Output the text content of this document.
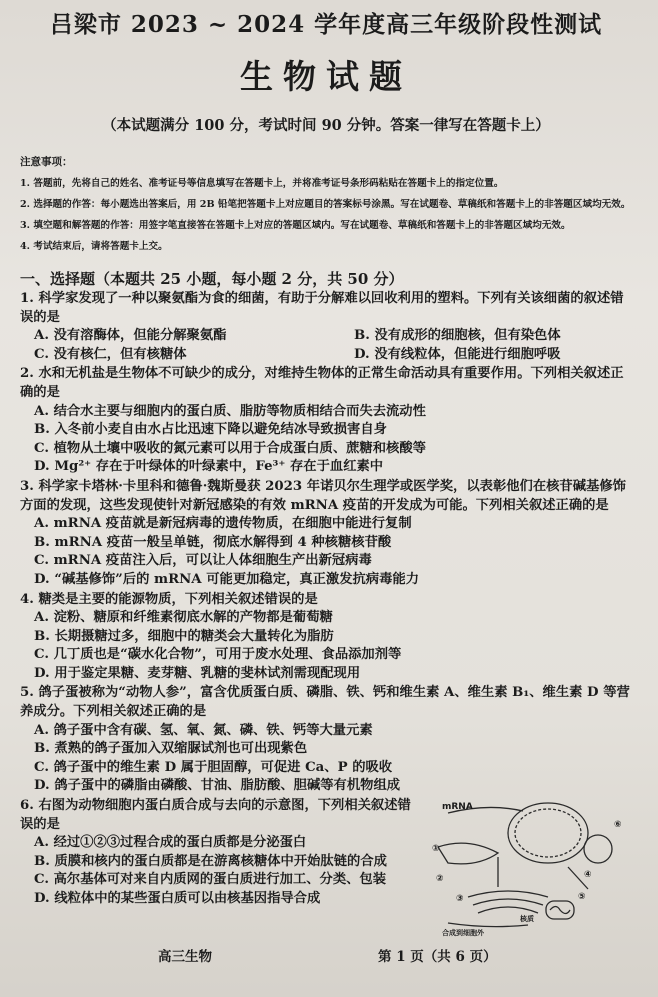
吕梁市 2023 ~ 2024 学年度高三年级阶段性测试
生物试题
（本试题满分 100 分，考试时间 90 分钟。答案一律写在答题卡上）
注意事项：
1. 答题前，先将自己的姓名、准考证号等信息填写在答题卡上，并将准考证号条形码粘贴在答题卡上的指定位置。
2. 选择题的作答：每小题选出答案后，用 2B 铅笔把答题卡上对应题目的答案标号涂黑。写在试题卷、草稿纸和答题卡上的非答题区域均无效。
3. 填空题和解答题的作答：用签字笔直接答在答题卡上对应的答题区域内。写在试题卷、草稿纸和答题卡上的非答题区域均无效。
4. 考试结束后，请将答题卡上交。
一、选择题（本题共 25 小题，每小题 2 分，共 50 分）
1. 科学家发现了一种以聚氨酯为食的细菌，有助于分解难以回收利用的塑料。下列有关该细菌的叙述错误的是
A. 没有溶酶体，但能分解聚氨酯	B. 没有成形的细胞核，但有染色体
C. 没有核仁，但有核糖体	D. 没有线粒体，但能进行细胞呼吸
2. 水和无机盐是生物体不可缺少的成分，对维持生物体的正常生命活动具有重要作用。下列相关叙述正确的是
A. 结合水主要与细胞内的蛋白质、脂肪等物质相结合而失去流动性
B. 入冬前小麦自由水占比迅速下降以避免结冰导致损害自身
C. 植物从土壤中吸收的氮元素可以用于合成蛋白质、蔗糖和核酸等
D. Mg²⁺ 存在于叶绿体的叶绿素中，Fe³⁺ 存在于血红素中
3. 科学家卡塔林·卡里科和德鲁·魏斯曼获 2023 年诺贝尔生理学或医学奖，以表彰他们在核苷碱基修饰方面的发现，这些发现使针对新冠感染的有效 mRNA 疫苗的开发成为可能。下列相关叙述正确的是
A. mRNA 疫苗就是新冠病毒的遗传物质，在细胞中能进行复制
B. mRNA 疫苗一般呈单链，彻底水解得到 4 种核糖核苷酸
C. mRNA 疫苗注入后，可以让人体细胞生产出新冠病毒
D. “碱基修饰”后的 mRNA 可能更加稳定，真正激发抗病毒能力
4. 糖类是主要的能源物质，下列相关叙述错误的是
A. 淀粉、糖原和纤维素彻底水解的产物都是葡萄糖
B. 长期摄糖过多，细胞中的糖类会大量转化为脂肪
C. 几丁质也是“碳水化合物”，可用于废水处理、食品添加剂等
D. 用于鉴定果糖、麦芽糖、乳糖的斐林试剂需现配现用
5. 鸽子蛋被称为“动物人参”，富含优质蛋白质、磷脂、铁、钙和维生素 A、维生素 B₁、维生素 D 等营养成分。下列相关叙述正确的是
A. 鸽子蛋中含有碳、氢、氧、氮、磷、铁、钙等大量元素
B. 煮熟的鸽子蛋加入双缩脲试剂也可出现紫色
C. 鸽子蛋中的维生素 D 属于胆固醇，可促进 Ca、P 的吸收
D. 鸽子蛋中的磷脂由磷酸、甘油、脂肪酸、胆碱等有机物组成
6. 右图为动物细胞内蛋白质合成与去向的示意图，下列相关叙述错误的是
A. 经过①②③过程合成的蛋白质都是分泌蛋白
B. 质膜和核内的蛋白质都是在游离核糖体中开始肽链的合成
C. 高尔基体可对来自内质网的蛋白质进行加工、分类、包装
D. 线粒体中的某些蛋白质可以由核基因指导合成
mRNA
①
②
③
④
⑤
⑥
合成到细胞外
核质
高三生物	第 1 页（共 6 页）
